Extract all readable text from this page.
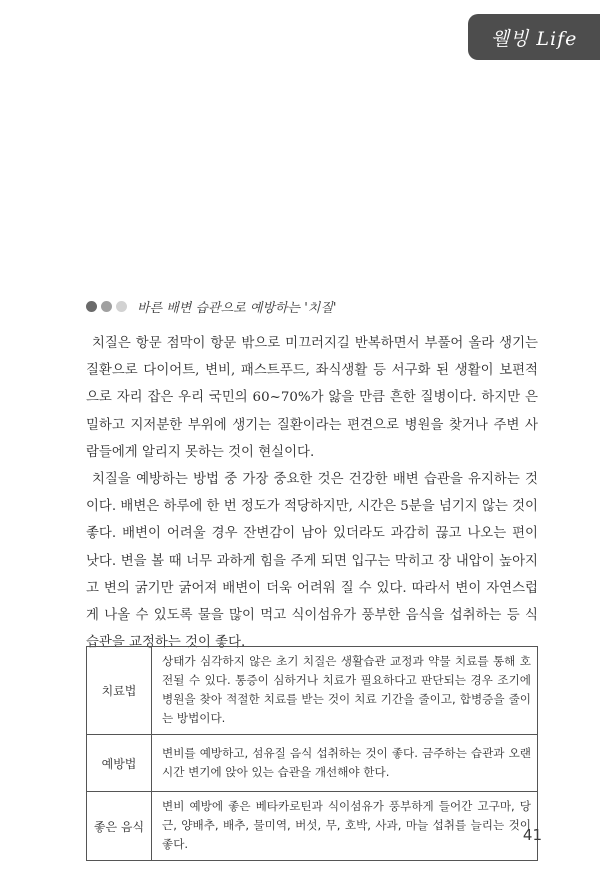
웰빙 Life
바른 배변 습관으로 예방하는 '치질'

치질은 항문 점막이 항문 밖으로 미끄러지길 반복하면서 부풀어 올라 생기는 질환으로 다이어트, 변비, 패스트푸드, 좌식생활 등 서구화 된 생활이 보편적으로 자리 잡은 우리 국민의 60~70%가 앓을 만큼 흔한 질병이다. 하지만 은밀하고 지저분한 부위에 생기는 질환이라는 편견으로 병원을 찾거나 주변 사람들에게 알리지 못하는 것이 현실이다.

치질을 예방하는 방법 중 가장 중요한 것은 건강한 배변 습관을 유지하는 것이다. 배변은 하루에 한 번 정도가 적당하지만, 시간은 5분을 넘기지 않는 것이 좋다. 배변이 어려울 경우 잔변감이 남아 있더라도 과감히 끊고 나오는 편이 낫다. 변을 볼 때 너무 과하게 힘을 주게 되면 입구는 막히고 장 내압이 높아지고 변의 굵기만 굵어져 배변이 더욱 어려워 질 수 있다. 따라서 변이 자연스럽게 나올 수 있도록 물을 많이 먹고 식이섬유가 풍부한 음식을 섭취하는 등 식습관을 교정하는 것이 좋다.

치료법	상태가 심각하지 않은 초기 치질은 생활습관 교정과 약물 치료를 통해 호전될 수 있다. 통증이 심하거나 치료가 필요하다고 판단되는 경우 조기에 병원을 찾아 적절한 치료를 받는 것이 치료 기간을 줄이고, 합병증을 줄이는 방법이다.
예방법	변비를 예방하고, 섬유질 음식 섭취하는 것이 좋다. 금주하는 습관과 오랜시간 변기에 앉아 있는 습관을 개선해야 한다.
좋은 음식	변비 예방에 좋은 베타카로틴과 식이섬유가 풍부하게 들어간 고구마, 당근, 양배추, 배추, 물미역, 버섯, 무, 호박, 사과, 마늘 섭취를 늘리는 것이 좋다.	41
